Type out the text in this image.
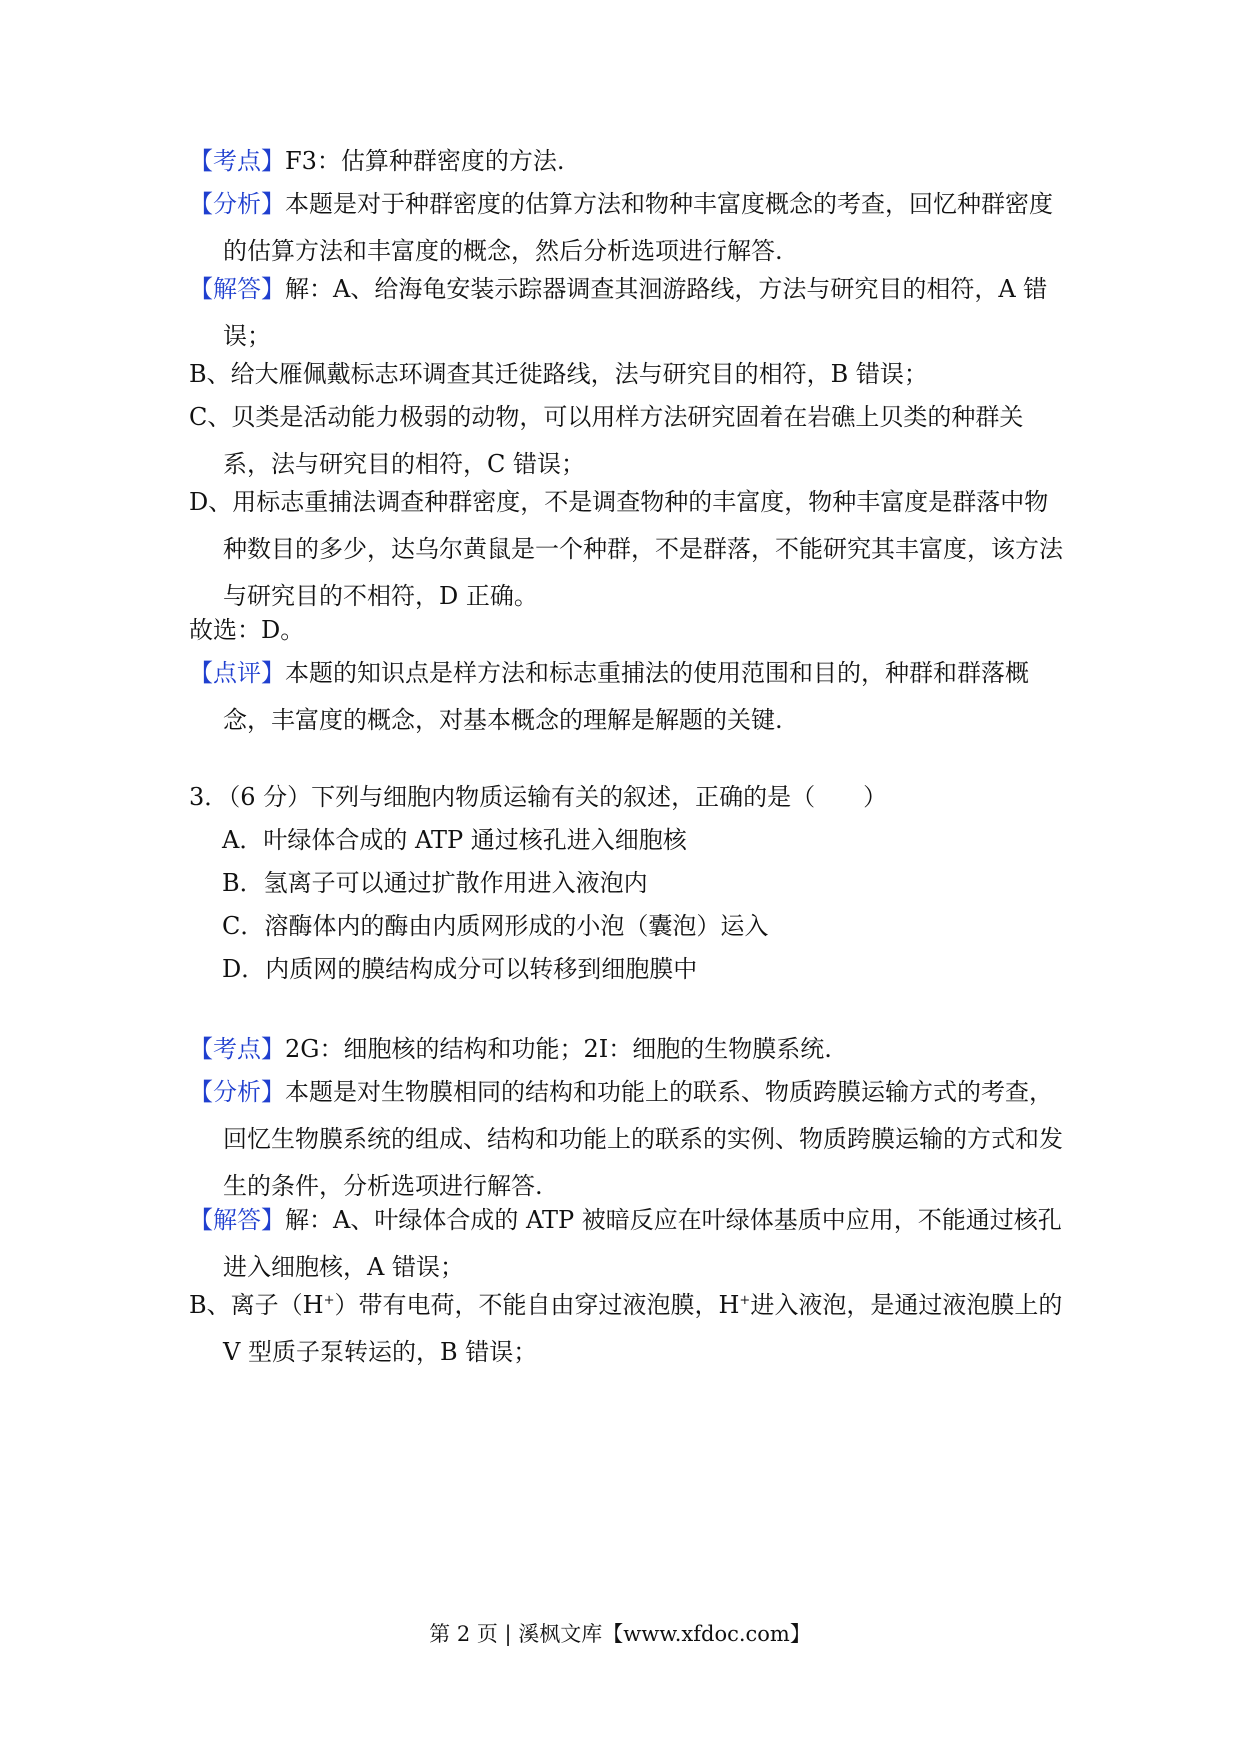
【考点】F3：估算种群密度的方法.

【分析】本题是对于种群密度的估算方法和物种丰富度概念的考查，回忆种群密度的估算方法和丰富度的概念，然后分析选项进行解答.

【解答】解：A、给海龟安装示踪器调查其洄游路线，方法与研究目的相符，A 错误；

B、给大雁佩戴标志环调查其迁徙路线，法与研究目的相符，B 错误；

C、贝类是活动能力极弱的动物，可以用样方法研究固着在岩礁上贝类的种群关系，法与研究目的相符，C 错误；

D、用标志重捕法调查种群密度，不是调查物种的丰富度，物种丰富度是群落中物种数目的多少，达乌尔黄鼠是一个种群，不是群落，不能研究其丰富度，该方法与研究目的不相符，D 正确。

故选：D。

【点评】本题的知识点是样方法和标志重捕法的使用范围和目的，种群和群落概念，丰富度的概念，对基本概念的理解是解题的关键.

3．（6 分）下列与细胞内物质运输有关的叙述，正确的是（　　）

A．叶绿体合成的 ATP 通过核孔进入细胞核

B．氢离子可以通过扩散作用进入液泡内

C．溶酶体内的酶由内质网形成的小泡（囊泡）运入

D．内质网的膜结构成分可以转移到细胞膜中

【考点】2G：细胞核的结构和功能；2I：细胞的生物膜系统.

【分析】本题是对生物膜相同的结构和功能上的联系、物质跨膜运输方式的考查，回忆生物膜系统的组成、结构和功能上的联系的实例、物质跨膜运输的方式和发生的条件，分析选项进行解答.

【解答】解：A、叶绿体合成的 ATP 被暗反应在叶绿体基质中应用，不能通过核孔进入细胞核，A 错误；

B、离子（H+）带有电荷，不能自由穿过液泡膜，H+进入液泡，是通过液泡膜上的 V 型质子泵转运的，B 错误；

第 2 页 | 溪枫文库【www.xfdoc.com】
